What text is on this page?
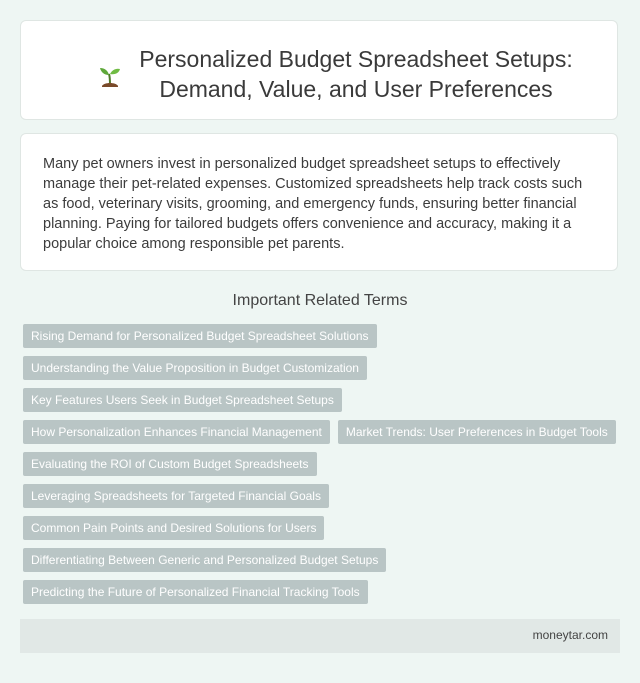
Personalized Budget Spreadsheet Setups:
Demand, Value, and User Preferences

Many pet owners invest in personalized budget spreadsheet setups to effectively manage their pet-related expenses. Customized spreadsheets help track costs such as food, veterinary visits, grooming, and emergency funds, ensuring better financial planning. Paying for tailored budgets offers convenience and accuracy, making it a popular choice among responsible pet parents.

Important Related Terms
Rising Demand for Personalized Budget Spreadsheet Solutions
Understanding the Value Proposition in Budget Customization
Key Features Users Seek in Budget Spreadsheet Setups
How Personalization Enhances Financial Management	Market Trends: User Preferences in Budget Tools
Evaluating the ROI of Custom Budget Spreadsheets
Leveraging Spreadsheets for Targeted Financial Goals
Common Pain Points and Desired Solutions for Users
Differentiating Between Generic and Personalized Budget Setups
Predicting the Future of Personalized Financial Tracking Tools
moneytar.com
